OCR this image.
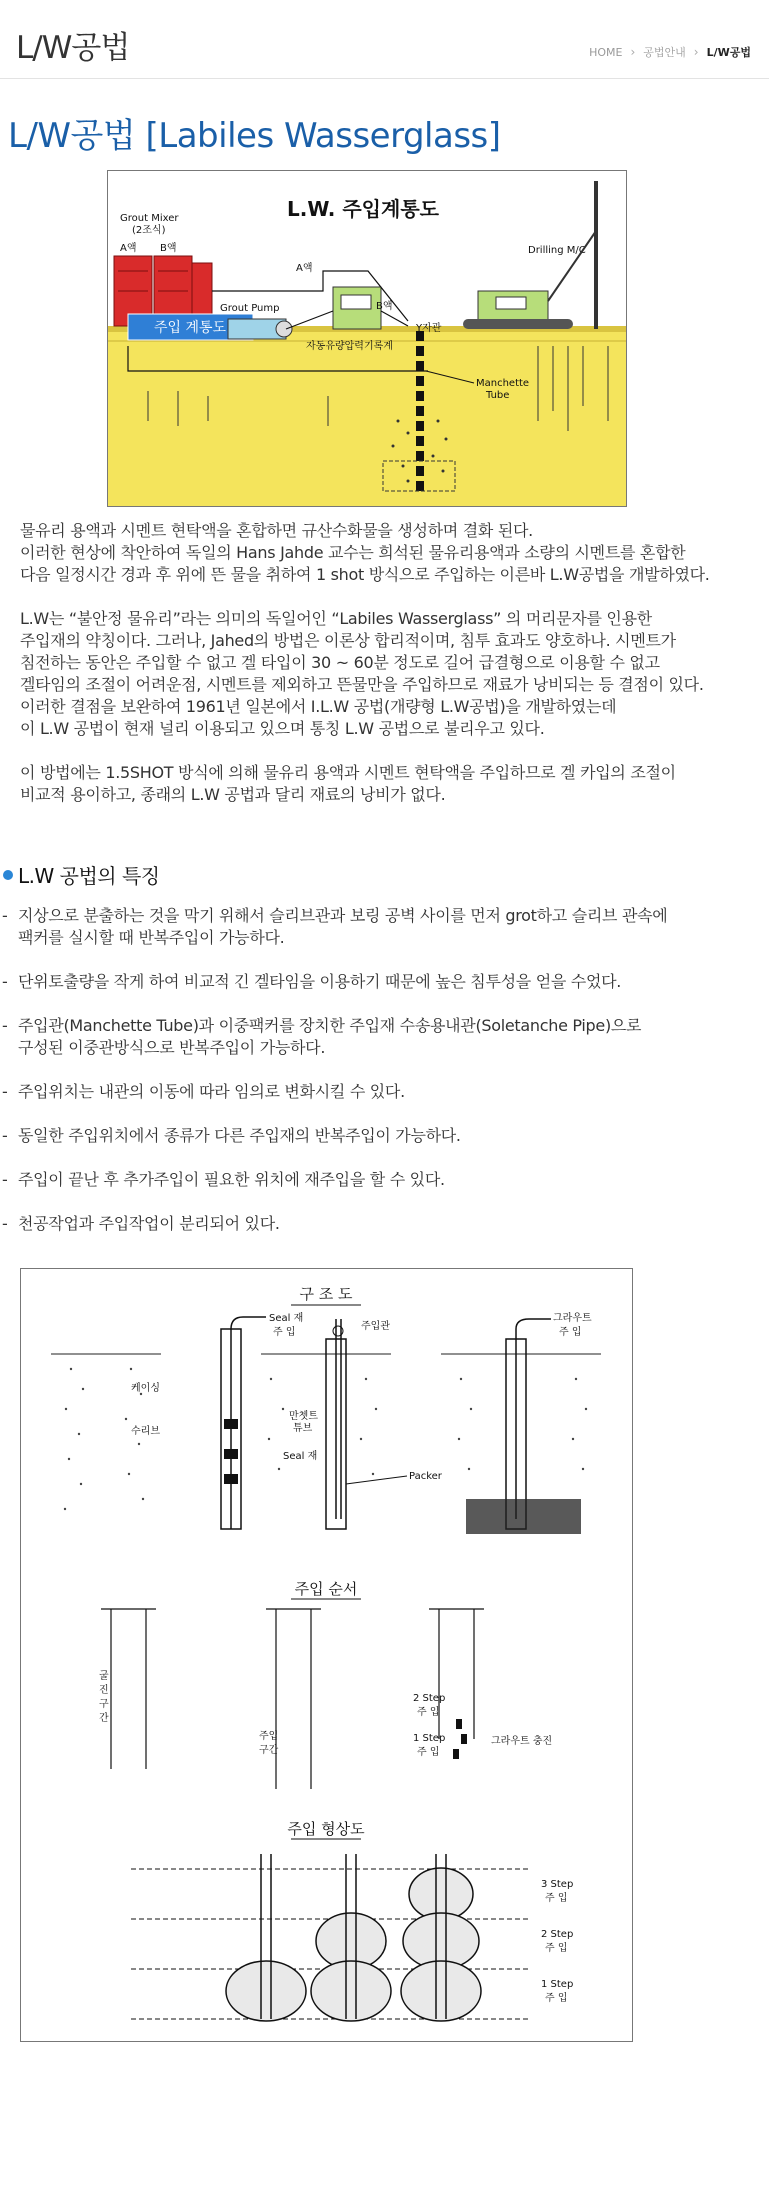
L/W공법	HOME › 공법안내 › L/W공법
L/W공법 [Labiles Wasserglass]
L.W. 주입계통도
Grout Mixer
(2조식)
A액 B액
주입 계통도
Grout Pump
A액
B액
자동유량압력기록계
Y자관
Drilling M/C
Manchette
Tube

물유리 용액과 시멘트 현탁액을 혼합하면 규산수화물을 생성하며 결화 된다.
이러한 현상에 착안하여 독일의 Hans Jahde 교수는 희석된 물유리용액과 소량의 시멘트를 혼합한
다음 일정시간 경과 후 위에 뜬 물을 취하여 1 shot 방식으로 주입하는 이른바 L.W공법을 개발하였다.

L.W는 “불안정 물유리”라는 의미의 독일어인 “Labiles Wasserglass” 의 머리문자를 인용한
주입재의 약칭이다. 그러나, Jahed의 방법은 이론상 합리적이며, 침투 효과도 양호하나. 시멘트가
침전하는 동안은 주입할 수 없고 겔 타입이 30 ~ 60분 정도로 길어 급결형으로 이용할 수 없고
겔타임의 조절이 어려운점, 시멘트를 제외하고 뜬물만을 주입하므로 재료가 낭비되는 등 결점이 있다.
이러한 결점을 보완하여 1961년 일본에서 I.L.W 공법(개량형 L.W공법)을 개발하였는데
이 L.W 공법이 현재 널리 이용되고 있으며 통칭 L.W 공법으로 불리우고 있다.

이 방법에는 1.5SHOT 방식에 의해 물유리 용액과 시멘트 현탁액을 주입하므로 겔 카입의 조절이
비교적 용이하고, 종래의 L.W 공법과 달리 재료의 낭비가 없다.

L.W 공법의 특징
- 지상으로 분출하는 것을 막기 위해서 슬리브관과 보링 공벽 사이를 먼저 grot하고 슬리브 관속에
팩커를 실시할 때 반복주입이 가능하다.
- 단위토출량을 작게 하여 비교적 긴 겔타임을 이용하기 때문에 높은 침투성을 얻을 수었다.
- 주입관(Manchette Tube)과 이중팩커를 장치한 주입재 수송용내관(Soletanche Pipe)으로
구성된 이중관방식으로 반복주입이 가능하다.
- 주입위치는 내관의 이동에 따라 임의로 변화시킬 수 있다.
- 동일한 주입위치에서 종류가 다른 주입재의 반복주입이 가능하다.
- 주입이 끝난 후 추가주입이 필요한 위치에 재주입을 할 수 있다.
- 천공작업과 주입작업이 분리되어 있다.
구 조 도
Seal 재
주 입
케이싱
수리브
만쳇트
튜브
Seal 재
주입관
Packer
그라우트
주 입
주입 순서
굴
진
구
간
주입
구간
2 Step
주 입
1 Step
주 입
그라우트 충진
주입 형상도
3 Step
주 입
2 Step
주 입
1 Step
주 입
